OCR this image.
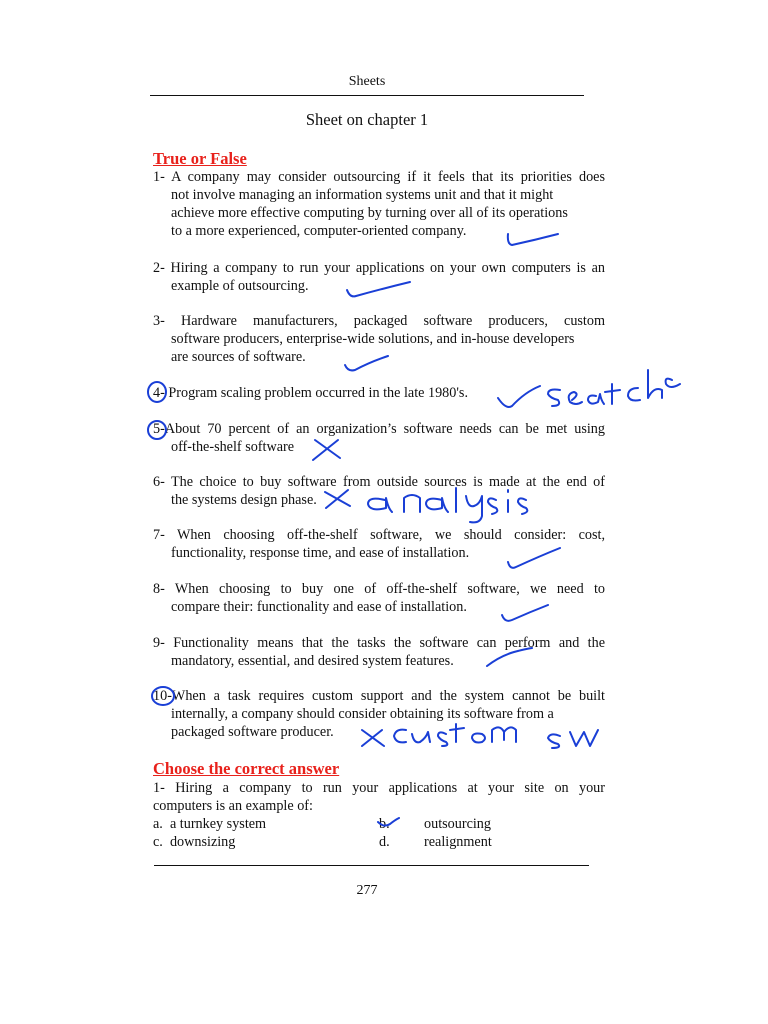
Sheets
Sheet on chapter 1
True or False
1- A company may consider outsourcing if it feels that its priorities does
not involve managing an information systems unit and that it might
achieve more effective computing by turning over all of its operations
to a more experienced, computer-oriented company.
2- Hiring a company to run your applications on your own computers is an
example of outsourcing.
3- Hardware manufacturers, packaged software producers, custom
software producers, enterprise-wide solutions, and in-house developers
are sources of software.
4- Program scaling problem occurred in the late 1980's.
5-About 70 percent of an organization’s software needs can be met using
off-the-shelf software
6- The choice to buy software from outside sources is made at the end of
the systems design phase.
7- When choosing off-the-shelf software, we should consider: cost,
functionality, response time, and ease of installation.
8- When choosing to buy one of off-the-shelf software, we need to
compare their: functionality and ease of installation.
9- Functionality means that the tasks the software can perform and the
mandatory, essential, and desired system features.
10-When a task requires custom support and the system cannot be built
internally, a company should consider obtaining its software from a
packaged software producer.
Choose the correct answer
1- Hiring a company to run your applications at your site on your
computers is an example of:
a. a turnkey system	b. outsourcing
c. downsizing	d. realignment
277
